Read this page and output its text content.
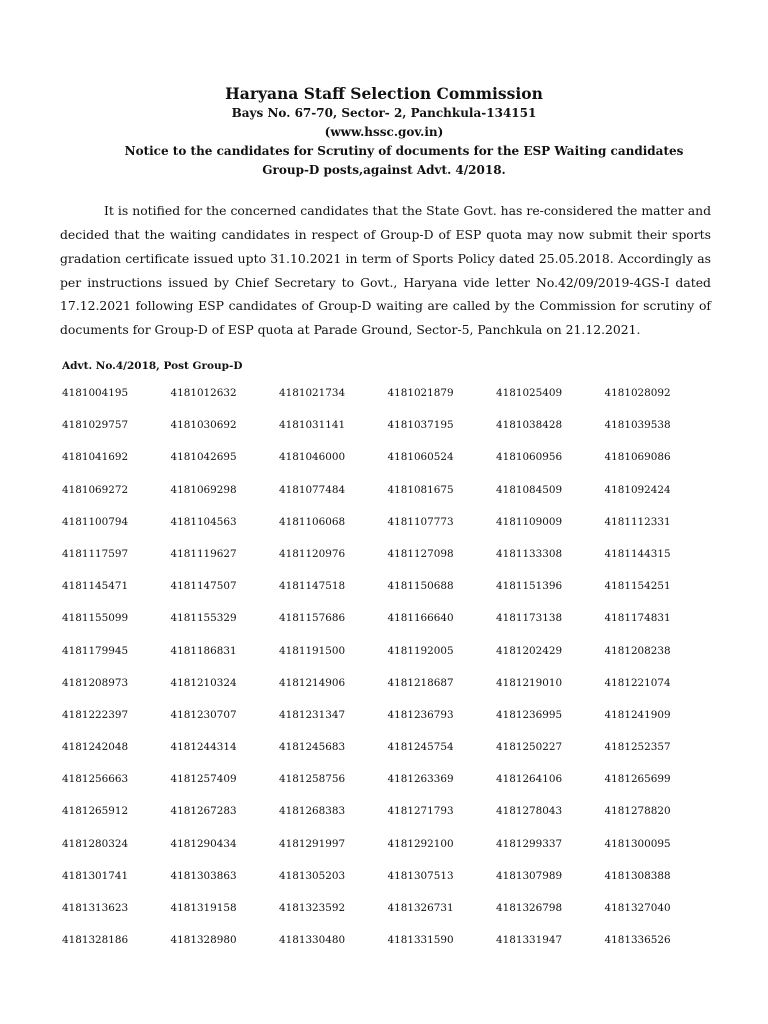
Haryana Staff Selection Commission
Bays No. 67-70, Sector- 2, Panchkula-134151
(www.hssc.gov.in)
Notice to the candidates for Scrutiny of documents for the ESP Waiting candidates
Group-D posts,against Advt. 4/2018.

It is notified for the concerned candidates that the State Govt. has re-considered the matter and decided that the waiting candidates in respect of Group-D of ESP quota may now submit their sports gradation certificate issued upto 31.10.2021 in term of Sports Policy dated 25.05.2018. Accordingly as per instructions issued by Chief Secretary to Govt., Haryana vide letter No.42/09/2019-4GS-I dated 17.12.2021 following ESP candidates of Group-D waiting are called by the Commission for scrutiny of documents for Group-D of ESP quota at Parade Ground, Sector-5, Panchkula on 21.12.2021.

Advt. No.4/2018, Post Group-D
4181004195	4181012632	4181021734	4181021879	4181025409	4181028092
4181029757	4181030692	4181031141	4181037195	4181038428	4181039538
4181041692	4181042695	4181046000	4181060524	4181060956	4181069086
4181069272	4181069298	4181077484	4181081675	4181084509	4181092424
4181100794	4181104563	4181106068	4181107773	4181109009	4181112331
4181117597	4181119627	4181120976	4181127098	4181133308	4181144315
4181145471	4181147507	4181147518	4181150688	4181151396	4181154251
4181155099	4181155329	4181157686	4181166640	4181173138	4181174831
4181179945	4181186831	4181191500	4181192005	4181202429	4181208238
4181208973	4181210324	4181214906	4181218687	4181219010	4181221074
4181222397	4181230707	4181231347	4181236793	4181236995	4181241909
4181242048	4181244314	4181245683	4181245754	4181250227	4181252357
4181256663	4181257409	4181258756	4181263369	4181264106	4181265699
4181265912	4181267283	4181268383	4181271793	4181278043	4181278820
4181280324	4181290434	4181291997	4181292100	4181299337	4181300095
4181301741	4181303863	4181305203	4181307513	4181307989	4181308388
4181313623	4181319158	4181323592	4181326731	4181326798	4181327040
4181328186	4181328980	4181330480	4181331590	4181331947	4181336526
